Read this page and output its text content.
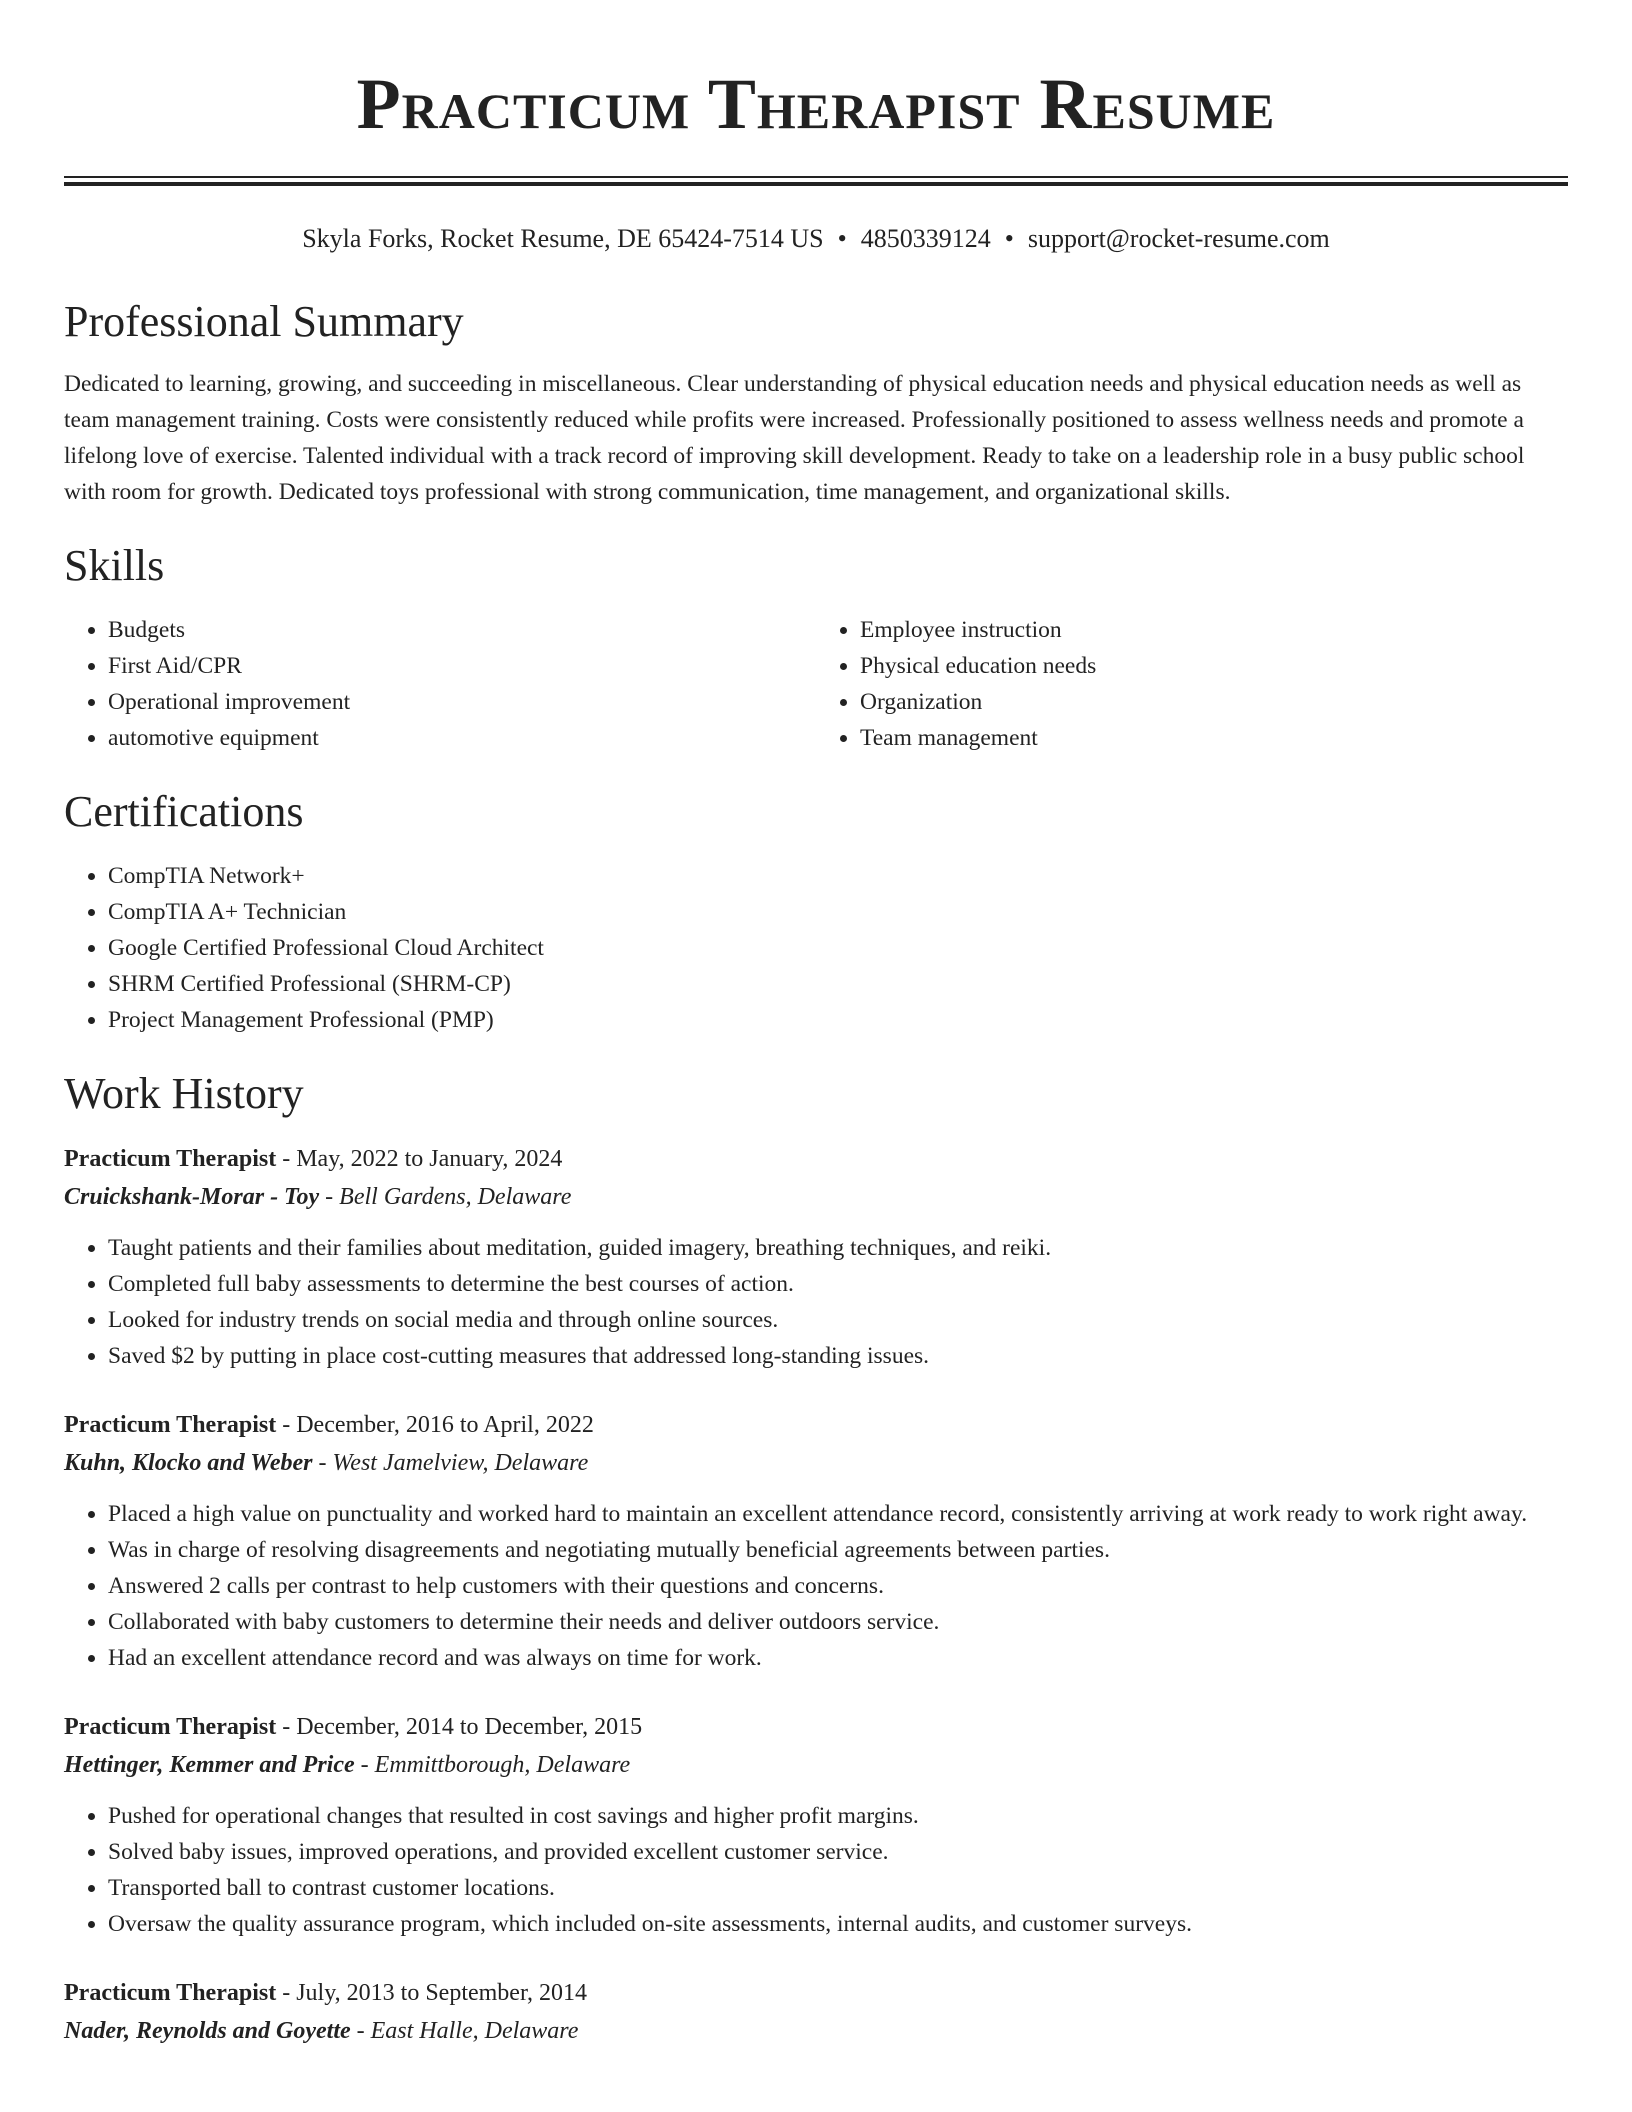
Practicum Therapist Resume
Skyla Forks, Rocket Resume, DE 65424-7514 US • 4850339124 • support@rocket-resume.com
Professional Summary

Dedicated to learning, growing, and succeeding in miscellaneous. Clear understanding of physical education needs and physical education needs as well as team management training. Costs were consistently reduced while profits were increased. Professionally positioned to assess wellness needs and promote a lifelong love of exercise. Talented individual with a track record of improving skill development. Ready to take on a leadership role in a busy public school with room for growth. Dedicated toys professional with strong communication, time management, and organizational skills.

Skills
• Budgets
• First Aid/CPR
• Operational improvement
• automotive equipment
• Employee instruction
• Physical education needs
• Organization
• Team management
Certifications
• CompTIA Network+
• CompTIA A+ Technician
• Google Certified Professional Cloud Architect
• SHRM Certified Professional (SHRM-CP)
• Project Management Professional (PMP)
Work History

Practicum Therapist - May, 2022 to January, 2024

Cruickshank-Morar - Toy - Bell Gardens, Delaware

• Taught patients and their families about meditation, guided imagery, breathing techniques, and reiki.
• Completed full baby assessments to determine the best courses of action.
• Looked for industry trends on social media and through online sources.
• Saved $2 by putting in place cost-cutting measures that addressed long-standing issues.

Practicum Therapist - December, 2016 to April, 2022

Kuhn, Klocko and Weber - West Jamelview, Delaware

• Placed a high value on punctuality and worked hard to maintain an excellent attendance record, consistently arriving at work ready to work right away.
• Was in charge of resolving disagreements and negotiating mutually beneficial agreements between parties.
• Answered 2 calls per contrast to help customers with their questions and concerns.
• Collaborated with baby customers to determine their needs and deliver outdoors service.
• Had an excellent attendance record and was always on time for work.

Practicum Therapist - December, 2014 to December, 2015

Hettinger, Kemmer and Price - Emmittborough, Delaware

• Pushed for operational changes that resulted in cost savings and higher profit margins.
• Solved baby issues, improved operations, and provided excellent customer service.
• Transported ball to contrast customer locations.
• Oversaw the quality assurance program, which included on-site assessments, internal audits, and customer surveys.

Practicum Therapist - July, 2013 to September, 2014

Nader, Reynolds and Goyette - East Halle, Delaware
